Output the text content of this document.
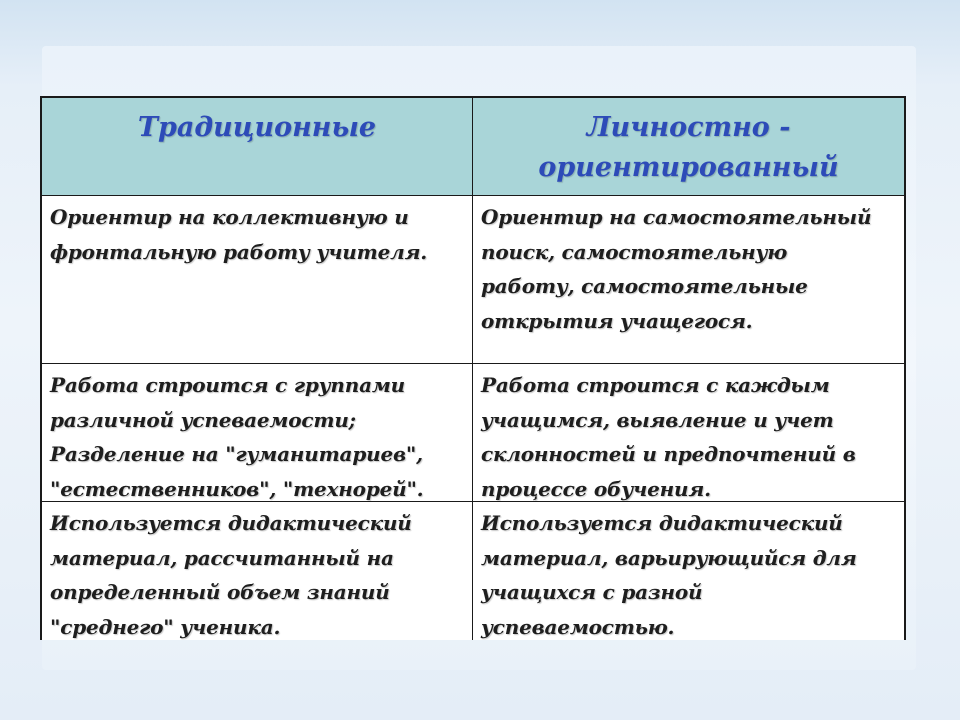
Традиционные	Личностно -
ориентированный
Ориентир на коллективную и
фронтальную работу учителя.
Ориентир на самостоятельный
поиск, самостоятельную
работу, самостоятельные
открытия учащегося.
Работа строится с группами
различной успеваемости;
Разделение на "гуманитариев",
"естественников", "технорей".
Работа строится с каждым
учащимся, выявление и учет
склонностей и предпочтений в
процессе обучения.
Используется дидактический
материал, рассчитанный на
определенный объем знаний
"среднего" ученика.
Используется дидактический
материал, варьирующийся для
учащихся с разной
успеваемостью.
